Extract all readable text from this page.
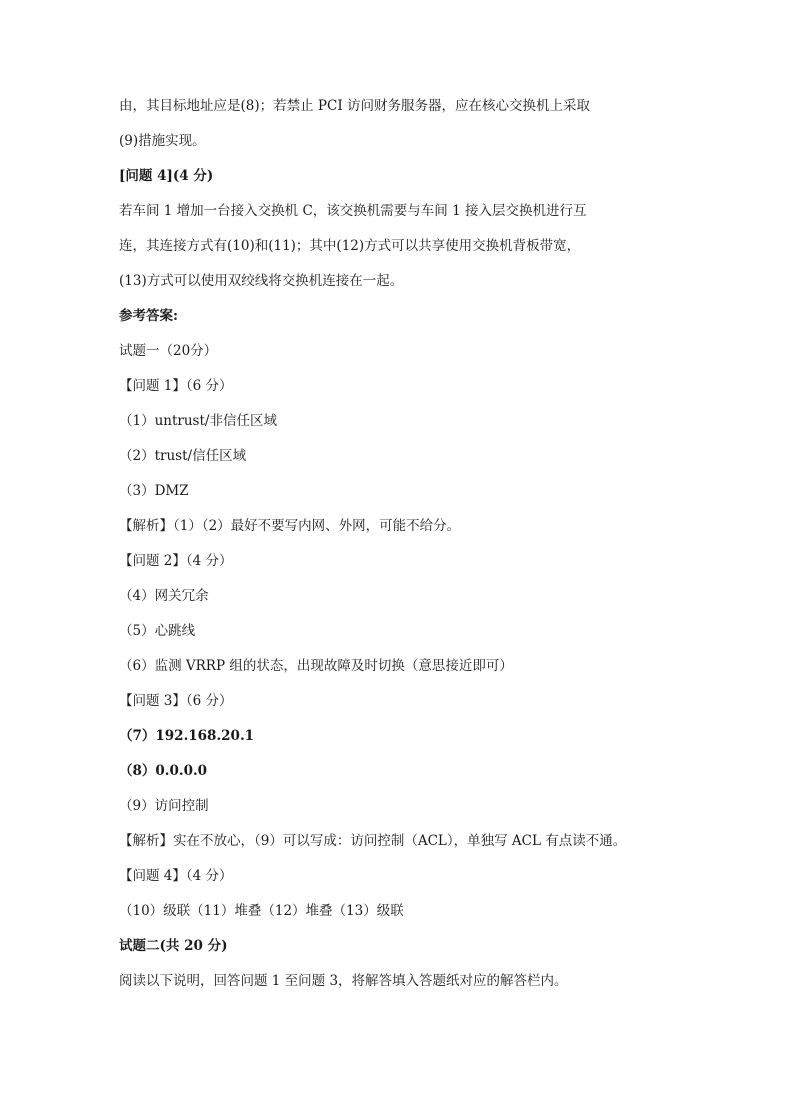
由，其目标地址应是(8)；若禁止 PCI 访问财务服务器，应在核心交换机上采取
(9)措施实现。
[问题 4](4 分)
若车间 1 增加一台接入交换机 C，该交换机需要与车间 1 接入层交换机进行互
连，其连接方式有(10)和(11)；其中(12)方式可以共享使用交换机背板带宽，
(13)方式可以使用双绞线将交换机连接在一起。
参考答案:
试题一（20分）
【问题 1】（6 分）
（1）untrust/非信任区域
（2）trust/信任区域
（3）DMZ
【解析】（1）（2）最好不要写内网、外网，可能不给分。
【问题 2】（4 分）
（4）网关冗余
（5）心跳线
（6）监测 VRRP 组的状态，出现故障及时切换（意思接近即可）
【问题 3】（6 分）
（7）192.168.20.1
（8）0.0.0.0
（9）访问控制
【解析】实在不放心，（9）可以写成：访问控制（ACL），单独写 ACL 有点读不通。
【问题 4】（4 分）
（10）级联（11）堆叠（12）堆叠（13）级联
试题二(共 20 分)
阅读以下说明，回答问题 1 至问题 3，将解答填入答题纸对应的解答栏内。
